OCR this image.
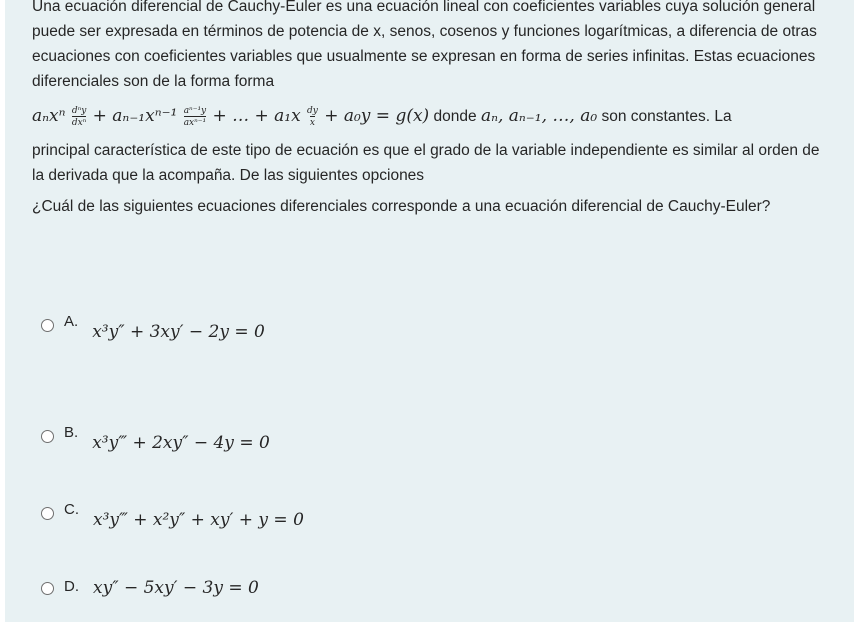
Una ecuación diferencial de Cauchy-Euler es una ecuación lineal con coeficientes variables cuya solución general puede ser expresada en términos de potencia de x, senos, cosenos y funciones logarítmicas, a diferencia de otras ecuaciones con coeficientes variables que usualmente se expresan en forma de series infinitas. Estas ecuaciones diferenciales son de la forma forma
aₙxⁿ $\frac{\text{dⁿy}}{\text{dxⁿ}} + a_{n-1}x^{n-1} \frac{\text{aⁿ⁻¹y}}{\text{axⁿ⁻¹}}$ + … + $a_1x \frac{dy}{x} + a_0y = g(x)$ donde aₙ, aₙ₋₁, …, a₀ son constantes. La
principal característica de este tipo de ecuación es que el grado de la variable independiente es similar al orden de la derivada que la acompaña. De las siguientes opciones
¿Cuál de las siguientes ecuaciones diferenciales corresponde a una ecuación diferencial de Cauchy-Euler?
A.
x³y″ + 3xy′ − 2y = 0
B.
x³y‴ + 2xy″ − 4y = 0
C.
x³y‴ + x²y″ + xy′ + y = 0
D. xy″ − 5xy′ − 3y = 0
